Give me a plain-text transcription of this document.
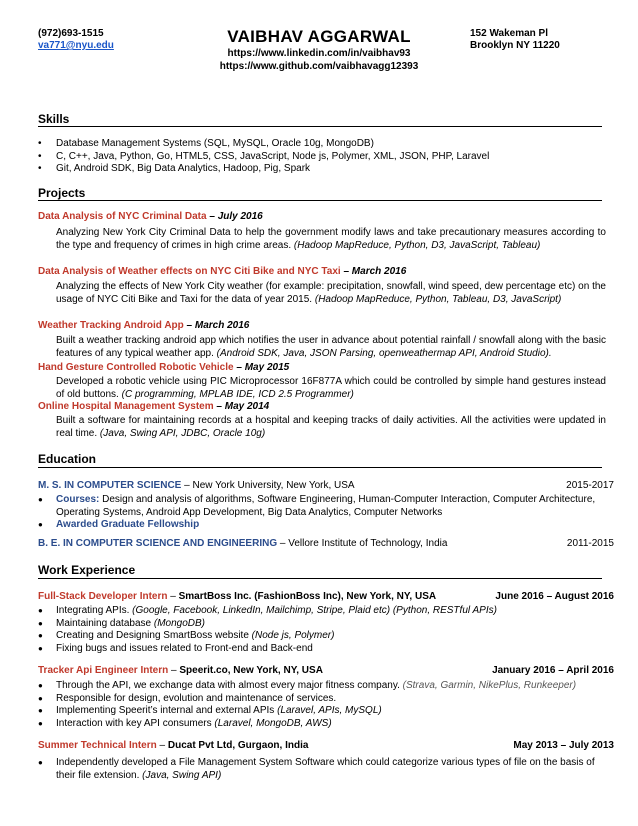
(972)693-1515
va771@nyu.edu	VAIBHAV AGGARWAL
https://www.linkedin.com/in/vaibhav93
https://www.github.com/vaibhavagg12393
152 Wakeman Pl
Brooklyn NY 11220
Skills
• Database Management Systems (SQL, MySQL, Oracle 10g, MongoDB)
• C, C++, Java, Python, Go, HTML5, CSS, JavaScript, Node js, Polymer, XML, JSON, PHP, Laravel
• Git, Android SDK, Big Data Analytics, Hadoop, Pig, Spark
Projects
Data Analysis of NYC Criminal Data – July 2016
Analyzing New York City Criminal Data to help the government modify laws and take precautionary measures according to the type and frequency of crimes in high crime areas. (Hadoop MapReduce, Python, D3, JavaScript, Tableau)
Data Analysis of Weather effects on NYC Citi Bike and NYC Taxi – March 2016
Analyzing the effects of New York City weather (for example: precipitation, snowfall, wind speed, dew percentage etc) on the usage of NYC Citi Bike and Taxi for the data of year 2015. (Hadoop MapReduce, Python, Tableau, D3, JavaScript)
Weather Tracking Android App – March 2016
Built a weather tracking android app which notifies the user in advance about potential rainfall / snowfall along with the basic features of any typical weather app. (Android SDK, Java, JSON Parsing, openweathermap API, Android Studio).
Hand Gesture Controlled Robotic Vehicle – May 2015
Developed a robotic vehicle using PIC Microprocessor 16F877A which could be controlled by simple hand gestures instead of old buttons. (C programming, MPLAB IDE, ICD 2.5 Programmer)
Online Hospital Management System – May 2014
Built a software for maintaining records at a hospital and keeping tracks of daily activities. All the activities were updated in real time. (Java, Swing API, JDBC, Oracle 10g)
Education
M. S. IN COMPUTER SCIENCE – New York University, New York, USA	2015-2017
● Courses: Design and analysis of algorithms, Software Engineering, Human-Computer Interaction, Computer Architecture, Operating Systems, Android App Development, Big Data Analytics, Computer Networks
● Awarded Graduate Fellowship
B. E. IN COMPUTER SCIENCE AND ENGINEERING – Vellore Institute of Technology, India	2011-2015
Work Experience
Full-Stack Developer Intern – SmartBoss Inc. (FashionBoss Inc), New York, NY, USA	June 2016 – August 2016
● Integrating APIs. (Google, Facebook, LinkedIn, Mailchimp, Stripe, Plaid etc) (Python, RESTful APIs)
● Maintaining database (MongoDB)
● Creating and Designing SmartBoss website (Node js, Polymer)
● Fixing bugs and issues related to Front-end and Back-end
Tracker Api Engineer Intern – Speerit.co, New York, NY, USA	January 2016 – April 2016
● Through the API, we exchange data with almost every major fitness company. (Strava, Garmin, NikePlus, Runkeeper)
● Responsible for design, evolution and maintenance of services.
● Implementing Speerit’s internal and external APIs (Laravel, APIs, MySQL)
● Interaction with key API consumers (Laravel, MongoDB, AWS)
Summer Technical Intern – Ducat Pvt Ltd, Gurgaon, India	May 2013 – July 2013
● Independently developed a File Management System Software which could categorize various types of file on the basis of their file extension. (Java, Swing API)
